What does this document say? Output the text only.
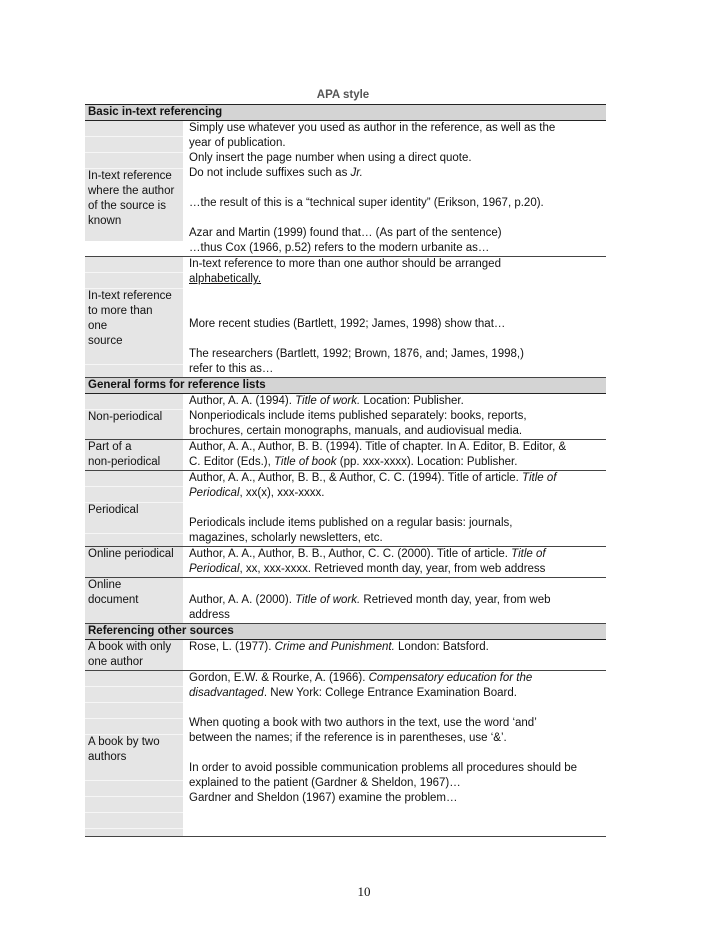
APA style
Basic in-text referencing
In-text reference
where the author
of the source is
known
Simply use whatever you used as author in the reference, as well as the
year of publication.
Only insert the page number when using a direct quote.
Do not include suffixes such as Jr.
…the result of this is a “technical super identity” (Erikson, 1967, p.20).
Azar and Martin (1999) found that… (As part of the sentence)
…thus Cox (1966, p.52) refers to the modern urbanite as…
In-text reference
to more than
one
source
In-text reference to more than one author should be arranged
alphabetically.
More recent studies (Bartlett, 1992; James, 1998) show that…
The researchers (Bartlett, 1992; Brown, 1876, and; James, 1998,)
refer to this as…
General forms for reference lists
Non-periodical
Author, A. A. (1994). Title of work. Location: Publisher.
Nonperiodicals include items published separately: books, reports,
brochures, certain monographs, manuals, and audiovisual media.
Part of a
non-periodical
Author, A. A., Author, B. B. (1994). Title of chapter. In A. Editor, B. Editor, &
C. Editor (Eds.), Title of book (pp. xxx-xxxx). Location: Publisher.
Periodical
Author, A. A., Author, B. B., & Author, C. C. (1994). Title of article. Title of
Periodical, xx(x), xxx-xxxx.
Periodicals include items published on a regular basis: journals,
magazines, scholarly newsletters, etc.
Online periodical	Author, A. A., Author, B. B., Author, C. C. (2000). Title of article. Title of
Periodical, xx, xxx-xxxx. Retrieved month day, year, from web address
Online
document	Author, A. A. (2000). Title of work. Retrieved month day, year, from web
address
Referencing other sources
A book with only
one author
Rose, L. (1977). Crime and Punishment. London: Batsford.
A book by two
authors
Gordon, E.W. & Rourke, A. (1966). Compensatory education for the
disadvantaged. New York: College Entrance Examination Board.
When quoting a book with two authors in the text, use the word ‘and’
between the names; if the reference is in parentheses, use ‘&’.
In order to avoid possible communication problems all procedures should be
explained to the patient (Gardner & Sheldon, 1967)…
Gardner and Sheldon (1967) examine the problem…
10
